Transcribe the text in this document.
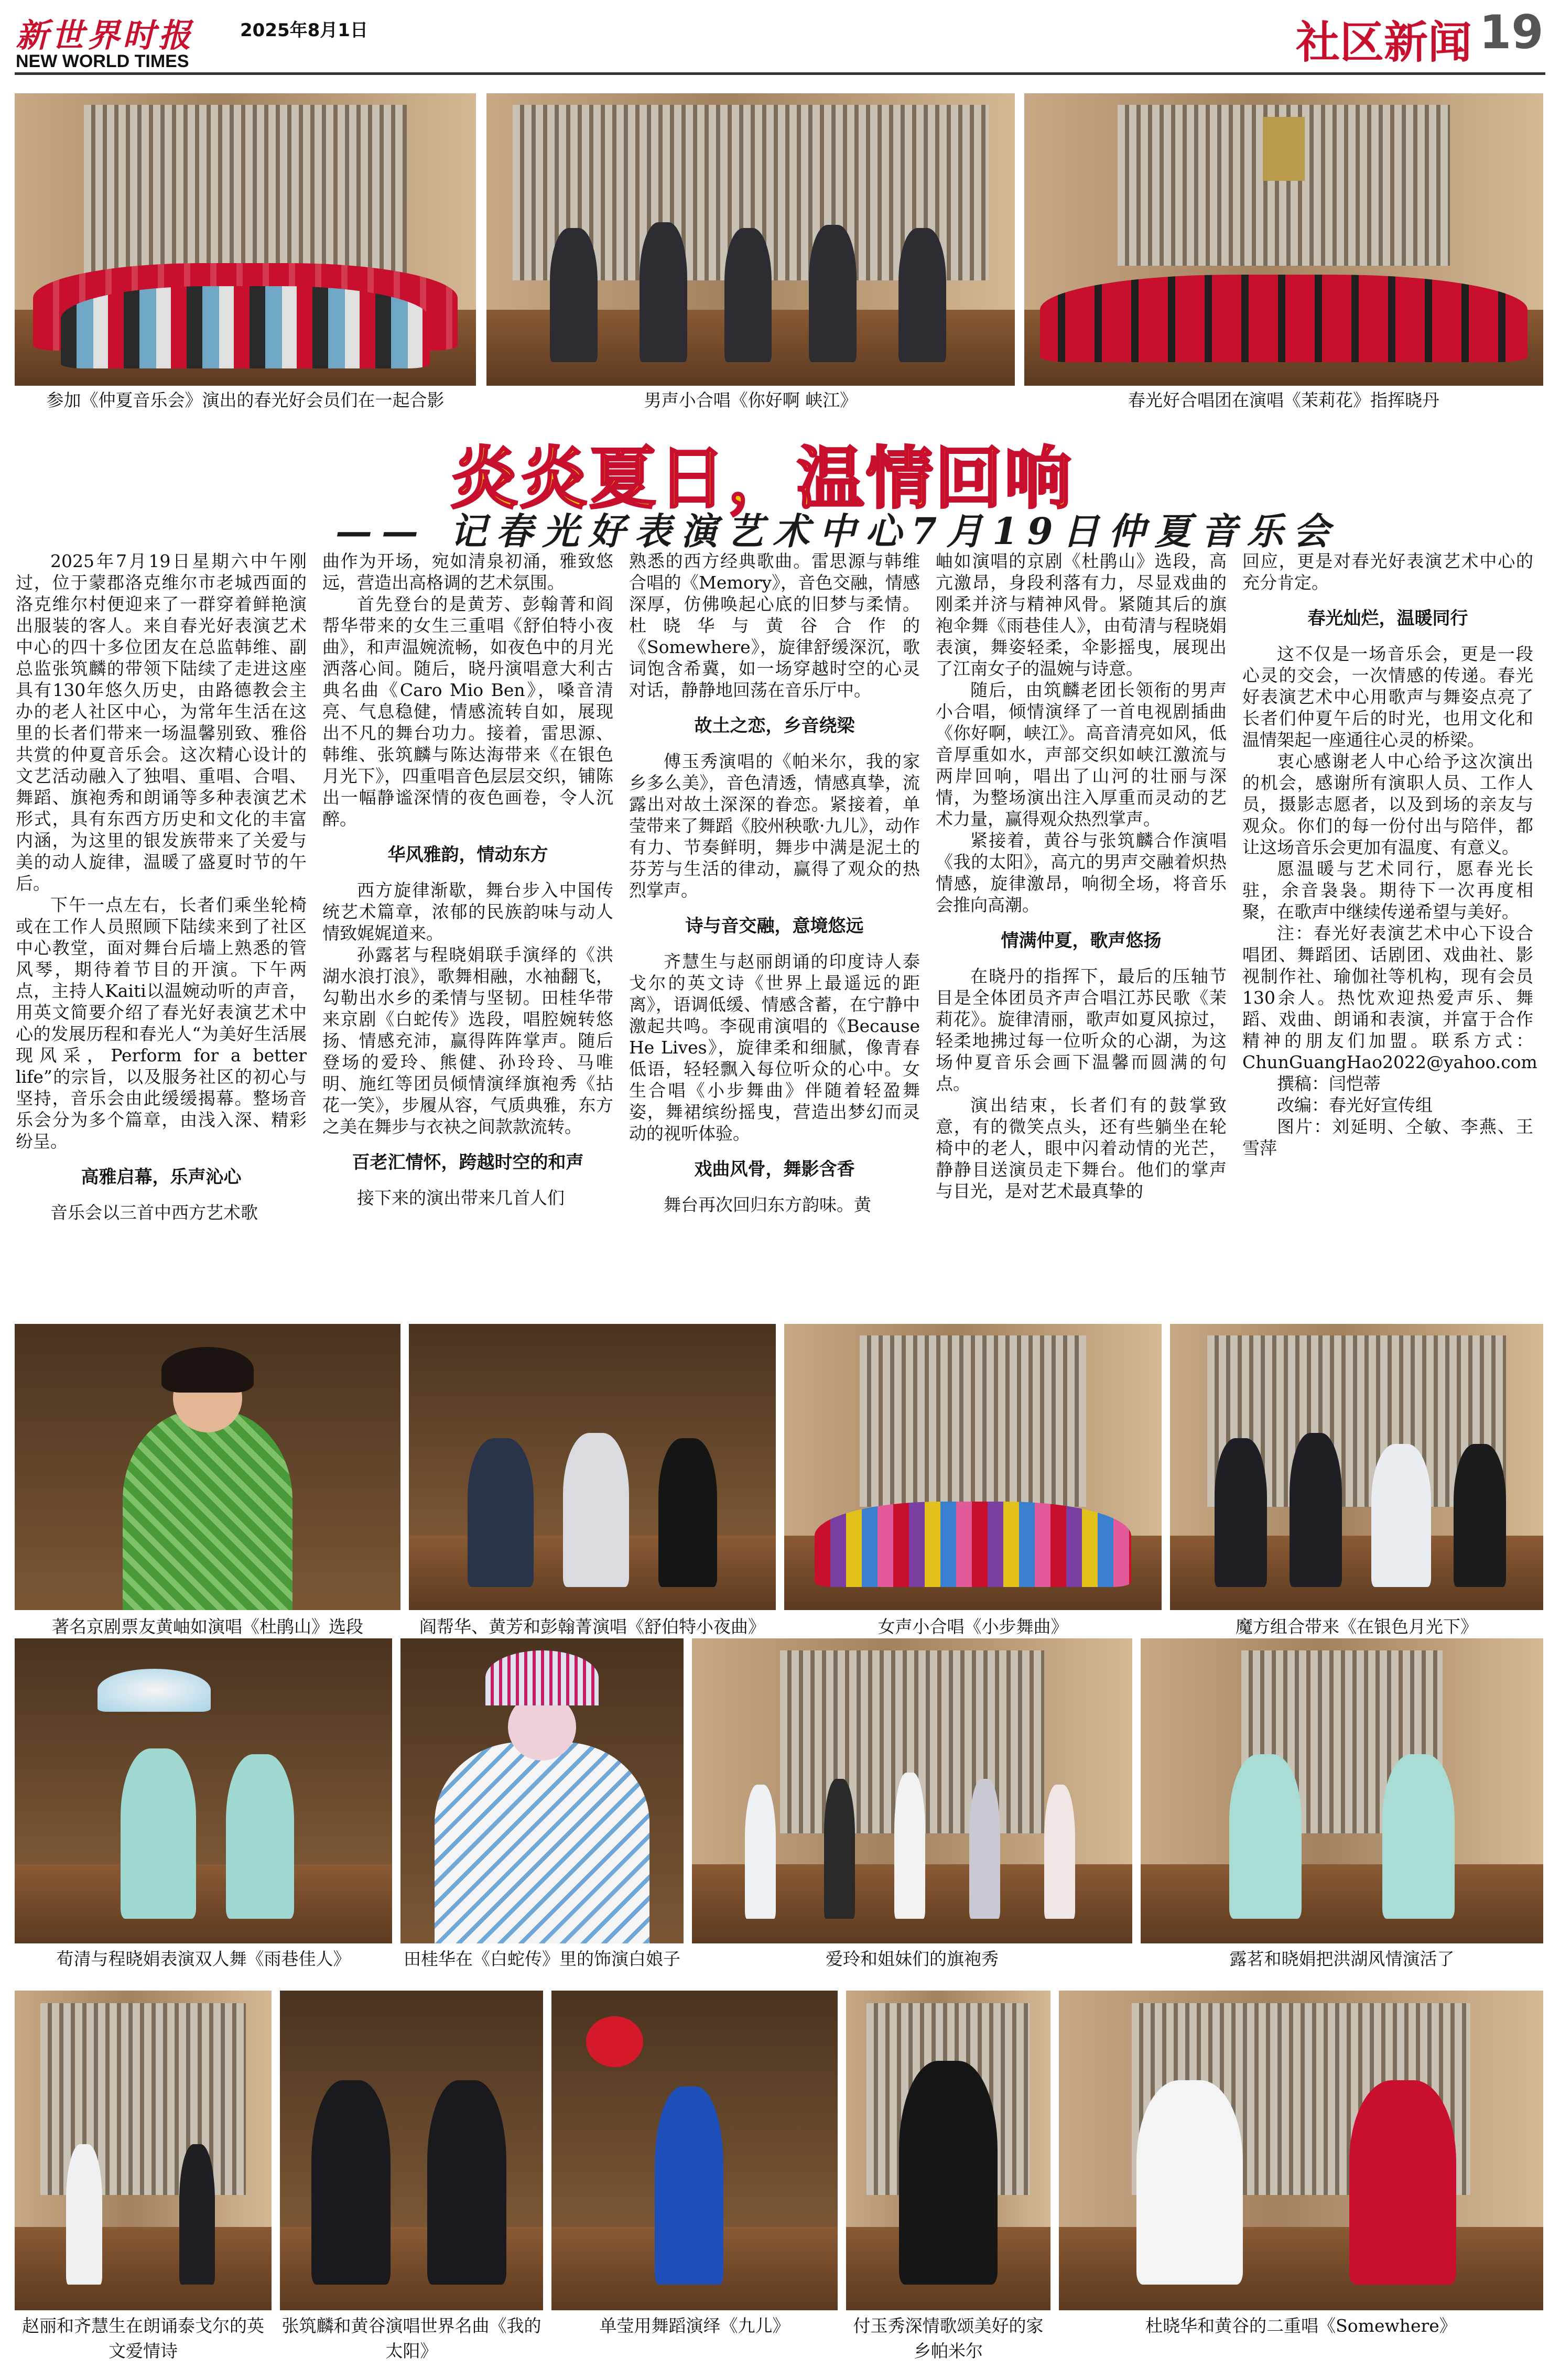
新世界时报	2025年8月1日
NEW WORLD TIMES	社区新闻 19
参加《仲夏音乐会》演出的春光好会员们在一起合影	男声小合唱《你好啊 峡江》	春光好合唱团在演唱《茉莉花》指挥晓丹
炎炎夏日，温情回响
—— 记春光好表演艺术中心7月19日仲夏音乐会

2025年7月19日星期六中午刚过，位于蒙郡洛克维尔市老城西面的洛克维尔村便迎来了一群穿着鲜艳演出服装的客人。来自春光好表演艺术中心的四十多位团友在总监韩维、副总监张筑麟的带领下陆续了走进这座具有130年悠久历史，由路德教会主办的老人社区中心，为常年生活在这里的长者们带来一场温馨别致、雅俗共赏的仲夏音乐会。这次精心设计的文艺活动融入了独唱、重唱、合唱、舞蹈、旗袍秀和朗诵等多种表演艺术形式，具有东西方历史和文化的丰富内涵，为这里的银发族带来了关爱与美的动人旋律，温暖了盛夏时节的午后。

下午一点左右，长者们乘坐轮椅或在工作人员照顾下陆续来到了社区中心教堂，面对舞台后墙上熟悉的管风琴，期待着节目的开演。下午两点，主持人Kaiti以温婉动听的声音，用英文简要介绍了春光好表演艺术中心的发展历程和春光人“为美好生活展现风采，Perform for a better life”的宗旨，以及服务社区的初心与坚持，音乐会由此缓缓揭幕。整场音乐会分为多个篇章，由浅入深、精彩纷呈。

高雅启幕，乐声沁心

音乐会以三首中西方艺术歌

曲作为开场，宛如清泉初涌，雅致悠远，营造出高格调的艺术氛围。

首先登台的是黄芳、彭翰菁和阎帮华带来的女生三重唱《舒伯特小夜曲》，和声温婉流畅，如夜色中的月光洒落心间。随后，晓丹演唱意大利古典名曲《Caro Mio Ben》，嗓音清亮、气息稳健，情感流转自如，展现出不凡的舞台功力。接着，雷思源、韩维、张筑麟与陈达海带来《在银色月光下》，四重唱音色层层交织，铺陈出一幅静谧深情的夜色画卷，令人沉醉。

华风雅韵，情动东方

西方旋律渐歇，舞台步入中国传统艺术篇章，浓郁的民族韵味与动人情致娓娓道来。

孙露茗与程晓娟联手演绎的《洪湖水浪打浪》，歌舞相融，水袖翻飞，勾勒出水乡的柔情与坚韧。田桂华带来京剧《白蛇传》选段，唱腔婉转悠扬、情感充沛，赢得阵阵掌声。随后登场的爱玲、熊健、孙玲玲、马唯明、施红等团员倾情演绎旗袍秀《拈花一笑》，步履从容，气质典雅，东方之美在舞步与衣袂之间款款流转。

百老汇情怀，跨越时空的和声

接下来的演出带来几首人们

熟悉的西方经典歌曲。雷思源与韩维合唱的《Memory》，音色交融，情感深厚，仿佛唤起心底的旧梦与柔情。杜晓华与黄谷合作的《Somewhere》，旋律舒缓深沉，歌词饱含希冀，如一场穿越时空的心灵对话，静静地回荡在音乐厅中。

故土之恋，乡音绕梁

傅玉秀演唱的《帕米尔，我的家乡多么美》，音色清透，情感真挚，流露出对故土深深的眷恋。紧接着，单莹带来了舞蹈《胶州秧歌·九儿》，动作有力、节奏鲜明，舞步中满是泥土的芬芳与生活的律动，赢得了观众的热烈掌声。

诗与音交融，意境悠远

齐慧生与赵丽朗诵的印度诗人泰戈尔的英文诗《世界上最遥远的距离》，语调低缓、情感含蓄，在宁静中激起共鸣。李砚甫演唱的《Because He Lives》，旋律柔和细腻，像青春低语，轻轻飘入每位听众的心中。女生合唱《小步舞曲》伴随着轻盈舞姿，舞裙缤纷摇曳，营造出梦幻而灵动的视听体验。

戏曲风骨，舞影含香

舞台再次回归东方韵味。黄

岫如演唱的京剧《杜鹃山》选段，高亢激昂，身段利落有力，尽显戏曲的刚柔并济与精神风骨。紧随其后的旗袍伞舞《雨巷佳人》，由荀清与程晓娟表演，舞姿轻柔，伞影摇曳，展现出了江南女子的温婉与诗意。

随后，由筑麟老团长领衔的男声小合唱，倾情演绎了一首电视剧插曲《你好啊，峡江》。高音清亮如风，低音厚重如水，声部交织如峡江激流与两岸回响，唱出了山河的壮丽与深情，为整场演出注入厚重而灵动的艺术力量，赢得观众热烈掌声。

紧接着，黄谷与张筑麟合作演唱《我的太阳》，高亢的男声交融着炽热情感，旋律激昂，响彻全场，将音乐会推向高潮。

情满仲夏，歌声悠扬

在晓丹的指挥下，最后的压轴节目是全体团员齐声合唱江苏民歌《茉莉花》。旋律清丽，歌声如夏风掠过，轻柔地拂过每一位听众的心湖，为这场仲夏音乐会画下温馨而圆满的句点。

演出结束，长者们有的鼓掌致意，有的微笑点头，还有些躺坐在轮椅中的老人，眼中闪着动情的光芒，静静目送演员走下舞台。他们的掌声与目光，是对艺术最真挚的

回应，更是对春光好表演艺术中心的充分肯定。

春光灿烂，温暖同行

这不仅是一场音乐会，更是一段心灵的交会，一次情感的传递。春光好表演艺术中心用歌声与舞姿点亮了长者们仲夏午后的时光，也用文化和温情架起一座通往心灵的桥梁。

衷心感谢老人中心给予这次演出的机会，感谢所有演职人员、工作人员，摄影志愿者，以及到场的亲友与观众。你们的每一份付出与陪伴，都让这场音乐会更加有温度、有意义。

愿温暖与艺术同行，愿春光长驻，余音袅袅。期待下一次再度相聚，在歌声中继续传递希望与美好。

注：春光好表演艺术中心下设合唱团、舞蹈团、话剧团、戏曲社、影视制作社、瑜伽社等机构，现有会员130余人。热忱欢迎热爱声乐、舞蹈、戏曲、朗诵和表演，并富于合作精神的朋友们加盟。联系方式：ChunGuangHao2022@yahoo.com

撰稿：闫恺蒂

改编：春光好宣传组

图片：刘延明、仝敏、李燕、王雪萍

著名京剧票友黄岫如演唱《杜鹃山》选段	阎帮华、黄芳和彭翰菁演唱《舒伯特小夜曲》	女声小合唱《小步舞曲》	魔方组合带来《在银色月光下》
荀清与程晓娟表演双人舞《雨巷佳人》	田桂华在《白蛇传》里的饰演白娘子	爱玲和姐妹们的旗袍秀	露茗和晓娟把洪湖风情演活了
赵丽和齐慧生在朗诵泰戈尔的英文爱情诗
张筑麟和黄谷演唱世界名曲《我的太阳》
单莹用舞蹈演绎《九儿》	付玉秀深情歌颂美好的家乡帕米尔
杜晓华和黄谷的二重唱《Somewhere》
